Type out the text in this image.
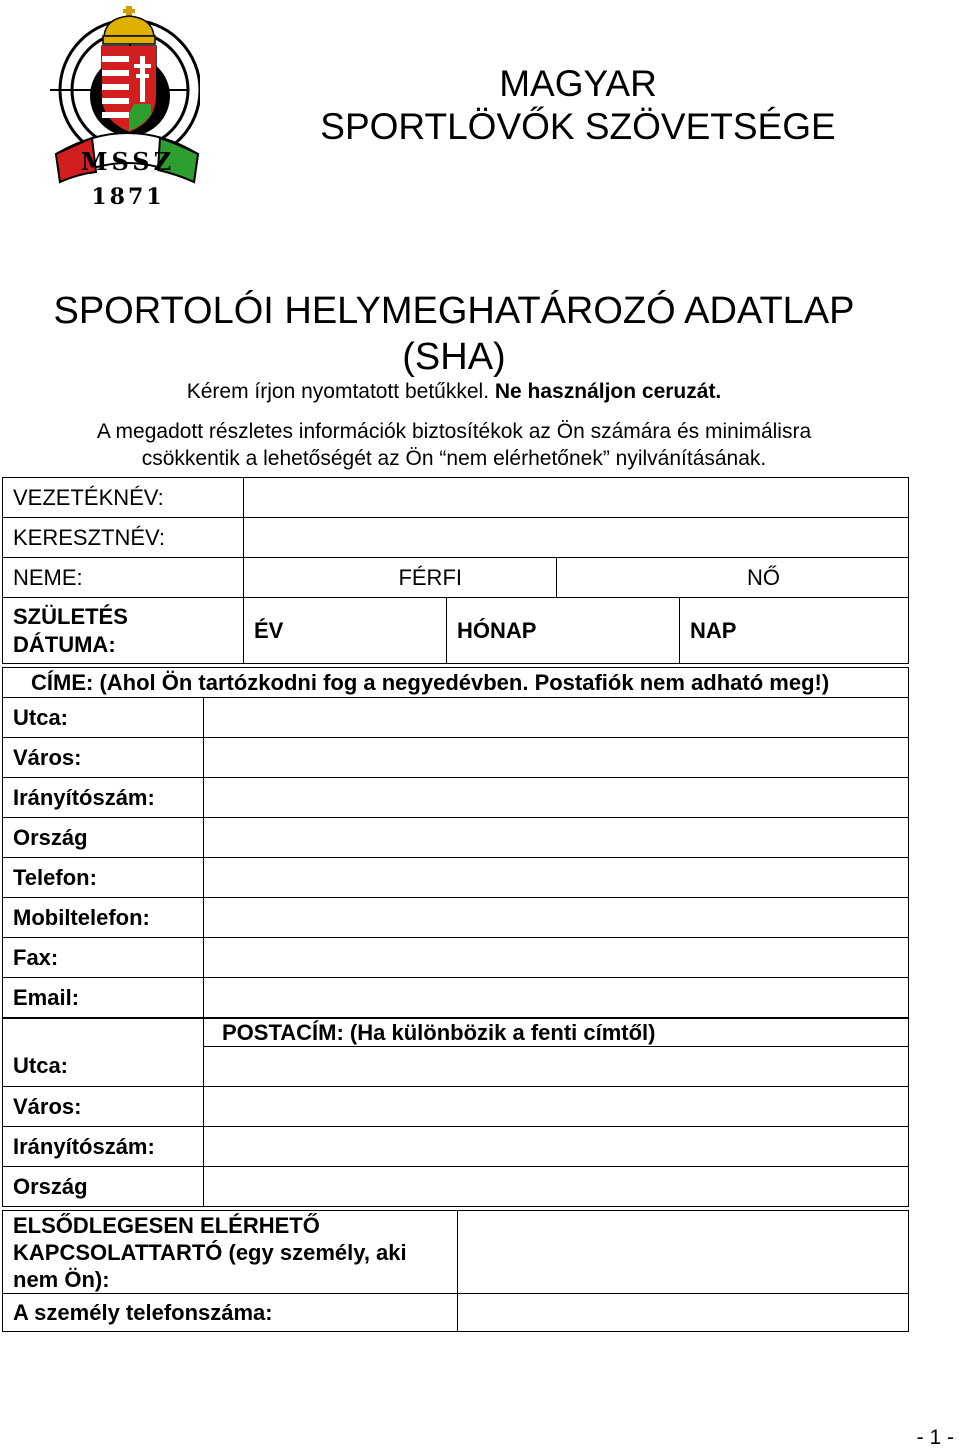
MSSZ
1871
MAGYAR
SPORTLÖVŐK SZÖVETSÉGE
SPORTOLÓI HELYMEGHATÁROZÓ ADATLAP
(SHA)
Kérem írjon nyomtatott betűkkel. Ne használjon ceruzát.
A megadott részletes információk biztosítékok az Ön számára és minimálisra
csökkentik a lehetőségét az Ön “nem elérhetőnek” nyilvánításának.
VEZETÉKNÉV:				
KERESZTNÉV:				
NEME:	FÉRFI		NŐ	

SZÜLETÉS
DÁTUMA:	ÉV	HÓNAP		NAP
CÍME: (Ahol Ön tartózkodni fog a negyedévben. Postafiók nem adható meg!)	
Utca:	
Város:	
Irányítószám:	
Ország	
Telefon:	
Mobiltelefon:	
Fax:	
Email:	
	POSTACÍM: (Ha különbözik a fenti címtől)
Utca:	
Város:	
Irányítószám:	
Ország	
ELSŐDLEGESEN ELÉRHETŐ
KAPCSOLATTARTÓ (egy személy, aki
nem Ön):	

A személy telefonszáma:	
- 1 -
